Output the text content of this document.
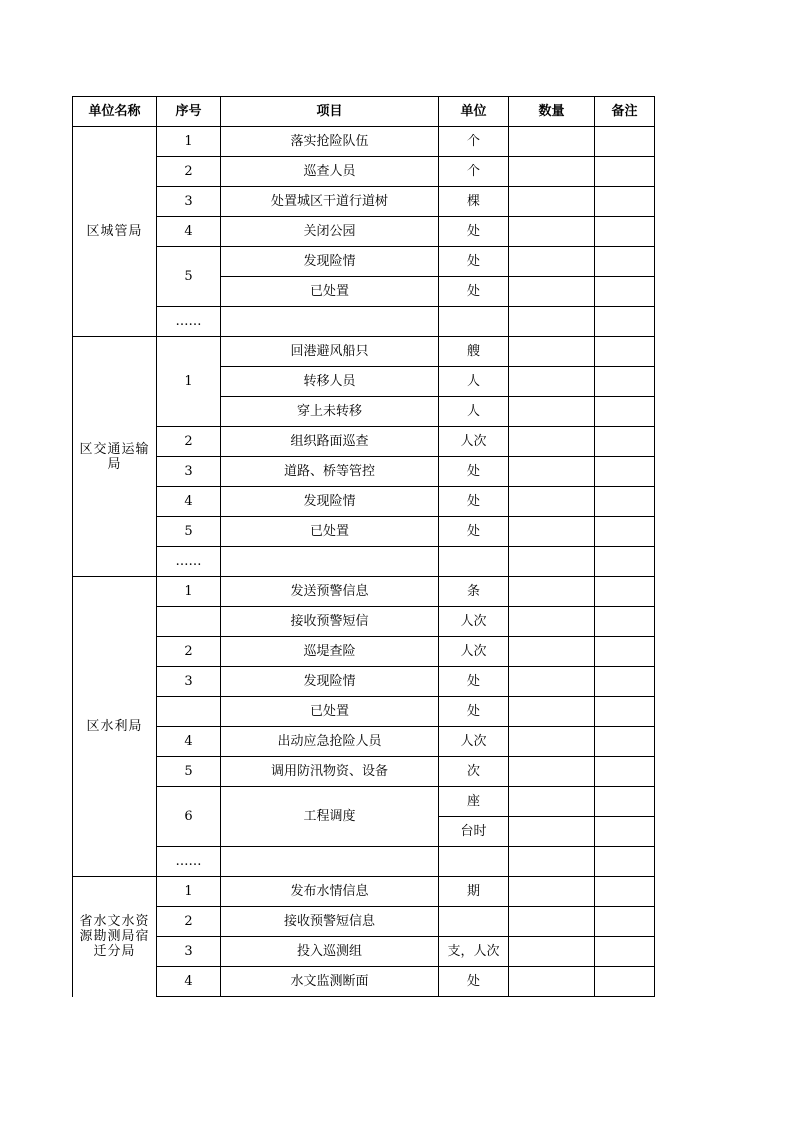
单位名称	序号	项目	单位	数量	备注
区城管局	1	落实抢险队伍	个		
	2	巡查人员	个		
	3	处置城区干道行道树	棵		
	4	关闭公园	处		
	5	发现险情	处		
		已处置	处		
	……				
区交通运输局	1	回港避风船只	艘		
		转移人员	人		
		穿上未转移	人		
	2	组织路面巡查	人次		
	3	道路、桥等管控	处		
	4	发现险情	处		
	5	已处置	处		
	……				
区水利局	1	发送预警信息	条		
		接收预警短信	人次		
	2	巡堤查险	人次		
	3	发现险情	处		
		已处置	处		
	4	出动应急抢险人员	人次		
	5	调用防汛物资、设备	次		
	6	工程调度	座		
			台时		
	……				
省水文水资源勘测局宿迁分局	1	发布水情信息	期		
	2	接收预警短信息			
	3	投入巡测组	支，人次		
	4	水文监测断面	处		
